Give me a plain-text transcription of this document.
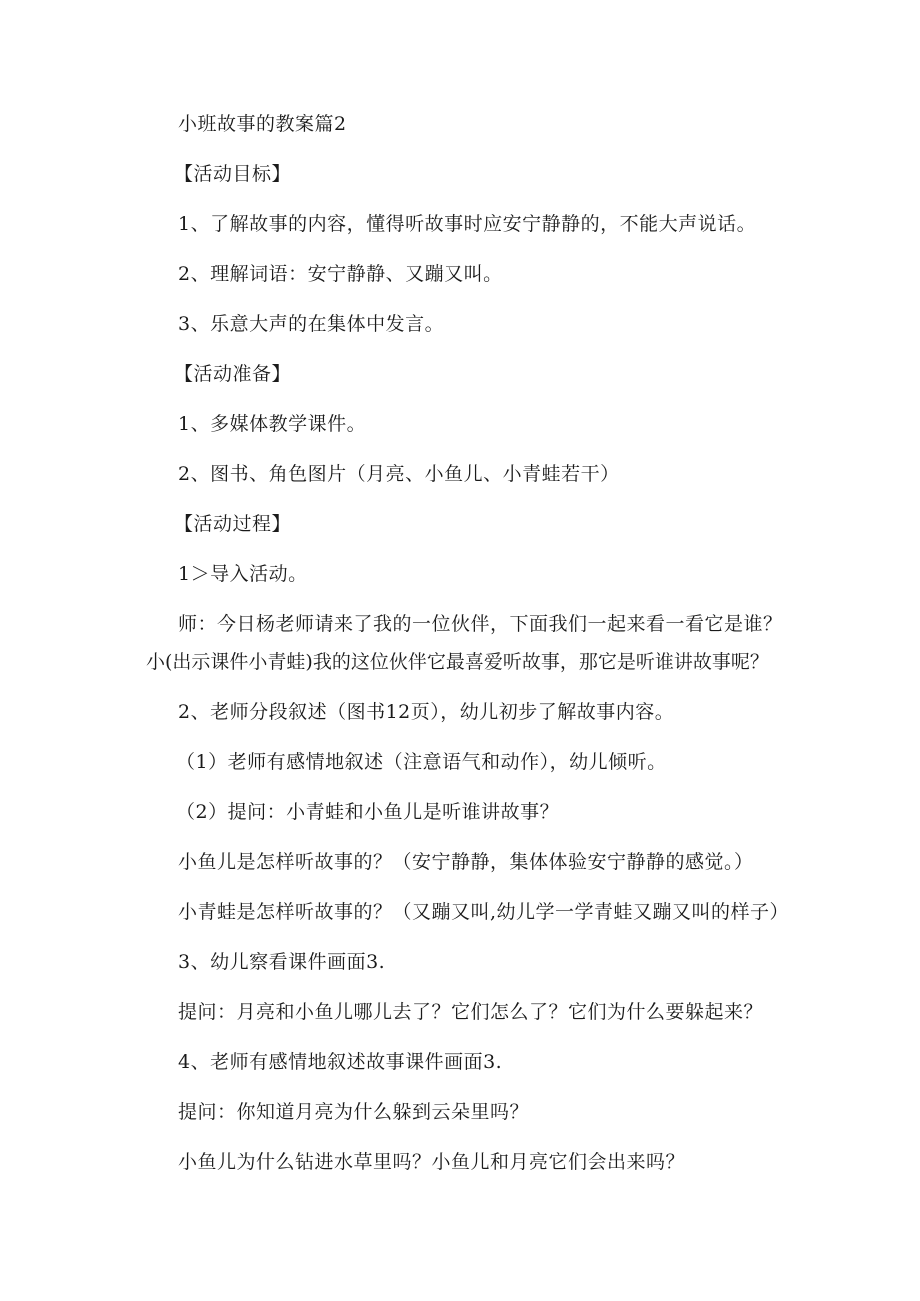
小班故事的教案篇2
【活动目标】
1、了解故事的内容，懂得听故事时应安宁静静的，不能大声说话。
2、理解词语：安宁静静、又蹦又叫。
3、乐意大声的在集体中发言。
【活动准备】
1、多媒体教学课件。
2、图书、角色图片（月亮、小鱼儿、小青蛙若干）
【活动过程】
1＞导入活动。
师：今日杨老师请来了我的一位伙伴，下面我们一起来看一看它是谁？
小(出示课件小青蛙)我的这位伙伴它最喜爱听故事，那它是听谁讲故事呢？
2、老师分段叙述（图书12页），幼儿初步了解故事内容。
（1）老师有感情地叙述（注意语气和动作），幼儿倾听。
（2）提问：小青蛙和小鱼儿是听谁讲故事？
小鱼儿是怎样听故事的？（安宁静静，集体体验安宁静静的感觉。）
小青蛙是怎样听故事的？（又蹦又叫,幼儿学一学青蛙又蹦又叫的样子）
3、幼儿察看课件画面3.
提问：月亮和小鱼儿哪儿去了？它们怎么了？它们为什么要躲起来？
4、老师有感情地叙述故事课件画面3.
提问：你知道月亮为什么躲到云朵里吗？
小鱼儿为什么钻进水草里吗？小鱼儿和月亮它们会出来吗？
